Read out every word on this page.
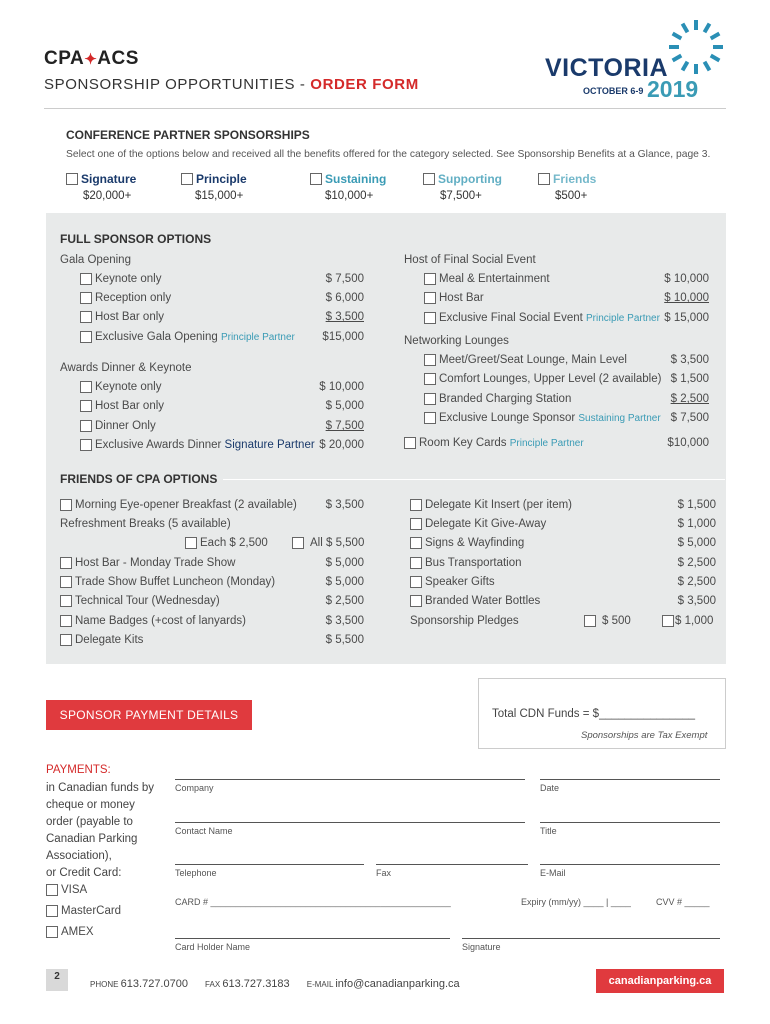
CPA✦ACS
SPONSORSHIP OPPORTUNITIES - ORDER FORM
VICTORIA
OCTOBER 6-9 2019
CONFERENCE PARTNER SPONSORSHIPS
Select one of the options below and received all the benefits offered for the category selected. See Sponsorship Benefits at a Glance, page 3.
Signature
$20,000+
Principle
$15,000+
Sustaining
$10,000+
Supporting
$7,500+
Friends
$500+
FULL SPONSOR OPTIONS
Gala Opening
Keynote only	$ 7,500
Reception only	$ 6,000
Host Bar only	$ 3,500
Exclusive Gala Opening Principle Partner $15,000
Awards Dinner & Keynote
Keynote only	$ 10,000
Host Bar only	$ 5,000
Dinner Only	$ 7,500
Exclusive Awards Dinner Signature Partner $ 20,000
Host of Final Social Event
Meal & Entertainment	$ 10,000
Host Bar	$ 10,000
Exclusive Final Social Event Principle Partner $ 15,000
Networking Lounges
Meet/Greet/Seat Lounge, Main Level	$ 3,500
Comfort Lounges, Upper Level (2 available) $ 1,500
Branded Charging Station	$ 2,500
Exclusive Lounge Sponsor Sustaining Partner $ 7,500
Room Key Cards Principle Partner	$10,000
FRIENDS OF CPA OPTIONS
Morning Eye-opener Breakfast (2 available)	$ 3,500
Refreshment Breaks (5 available)
Each $ 2,500	All $ 5,500
Host Bar - Monday Trade Show	$ 5,000
Trade Show Buffet Luncheon (Monday)	$ 5,000
Technical Tour (Wednesday)	$ 2,500
Name Badges (+cost of lanyards)	$ 3,500
Delegate Kits	$ 5,500
Delegate Kit Insert (per item)	$ 1,500
Delegate Kit Give-Away	$ 1,000
Signs & Wayfinding	$ 5,000
Bus Transportation	$ 2,500
Speaker Gifts	$ 2,500
Branded Water Bottles	$ 3,500
Sponsorship Pledges	$ 500	$ 1,000
SPONSOR PAYMENT DETAILS	Total CDN Funds = $_______________
Sponsorships are Tax Exempt
PAYMENTS:
in Canadian funds by
cheque or money
order (payable to
Canadian Parking
Association),
or Credit Card:
VISA
MasterCard
AMEX
Company	Date
Contact Name	Title
Telephone	Fax	E-Mail
CARD # ________________________________________________	Expiry (mm/yy) ____ | ____	CVV # _____
Card Holder Name	Signature
2
PHONE 613.727.0700 FAX 613.727.3183 E-MAIL info@canadianparking.ca	canadianparking.ca
